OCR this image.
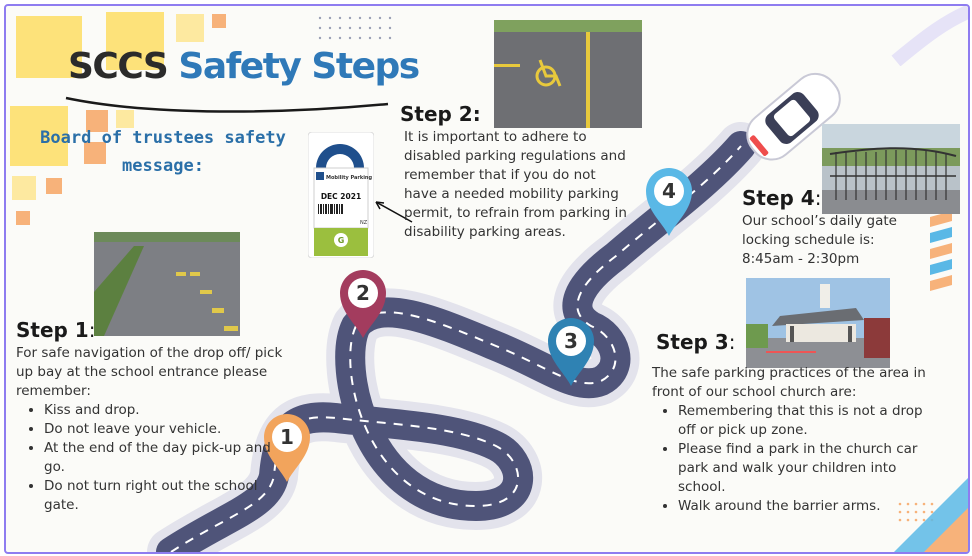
SCCS Safety Steps
Board of trustees safety message:
1
2
3
4
Mobility Parking
DEC 2021
NZ
G
Step 1:
For safe navigation of the drop off/ pick up bay at the school entrance please remember:
• Kiss and drop.
• Do not leave your vehicle.
• At the end of the day pick-up and go.
• Do not turn right out the school gate.
Step 2:
It is important to adhere to disabled parking regulations and remember that if you do not have a needed mobility parking permit, to refrain from parking in disability parking areas.
Step 3:
The safe parking practices of the area in front of our school church are:
• Remembering that this is not a drop off or pick up zone.
• Please find a park in the church car park and walk your children into school.
• Walk around the barrier arms.
Step 4:
Our school’s daily gate locking schedule is:
8:45am - 2:30pm
